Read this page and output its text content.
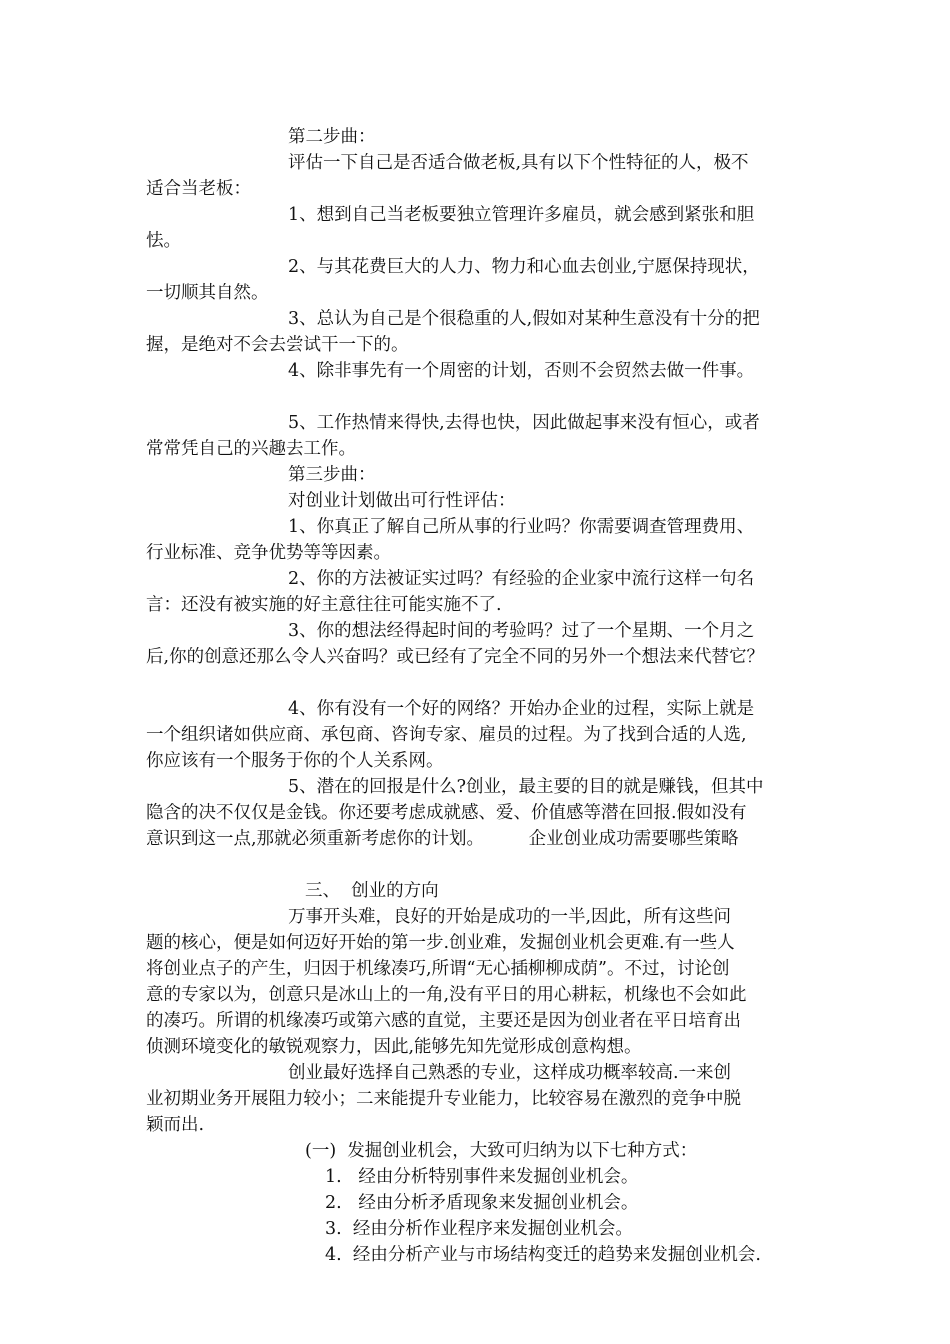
第二步曲：

评估一下自己是否适合做老板,具有以下个性特征的人，极不

适合当老板：

1、想到自己当老板要独立管理许多雇员，就会感到紧张和胆

怯。

2、与其花费巨大的人力、物力和心血去创业,宁愿保持现状，

一切顺其自然。

3、总认为自己是个很稳重的人,假如对某种生意没有十分的把

握，是绝对不会去尝试干一下的。

4、除非事先有一个周密的计划，否则不会贸然去做一件事。

5、工作热情来得快,去得也快，因此做起事来没有恒心，或者

常常凭自己的兴趣去工作。

第三步曲：

对创业计划做出可行性评估：

1、你真正了解自己所从事的行业吗？你需要调查管理费用、

行业标准、竞争优势等等因素。

2、你的方法被证实过吗？有经验的企业家中流行这样一句名

言：还没有被实施的好主意往往可能实施不了.

3、你的想法经得起时间的考验吗？过了一个星期、一个月之

后,你的创意还那么令人兴奋吗？或已经有了完全不同的另外一个想法来代替它？

4、你有没有一个好的网络？开始办企业的过程，实际上就是

一个组织诸如供应商、承包商、咨询专家、雇员的过程。为了找到合适的人选,

你应该有一个服务于你的个人关系网。

5、潜在的回报是什么?创业，最主要的目的就是赚钱，但其中

隐含的决不仅仅是金钱。你还要考虑成就感、爱、价值感等潜在回报.假如没有

意识到这一点,那就必须重新考虑你的计划。        企业创业成功需要哪些策略

三、  创业的方向

万事开头难，良好的开始是成功的一半,因此，所有这些问

题的核心，便是如何迈好开始的第一步.创业难，发掘创业机会更难.有一些人

将创业点子的产生，归因于机缘凑巧,所谓“无心插柳柳成荫”。不过，讨论创

意的专家以为，创意只是冰山上的一角,没有平日的用心耕耘，机缘也不会如此

的凑巧。所谓的机缘凑巧或第六感的直觉，主要还是因为创业者在平日培育出

侦测环境变化的敏锐观察力，因此,能够先知先觉形成创意构想。

创业最好选择自己熟悉的专业，这样成功概率较高.一来创

业初期业务开展阻力较小；二来能提升专业能力，比较容易在激烈的竞争中脱

颖而出.

(一)  发掘创业机会，大致可归纳为以下七种方式：

1.   经由分析特别事件来发掘创业机会。

2.   经由分析矛盾现象来发掘创业机会。

3.  经由分析作业程序来发掘创业机会。

4.  经由分析产业与市场结构变迁的趋势来发掘创业机会.
